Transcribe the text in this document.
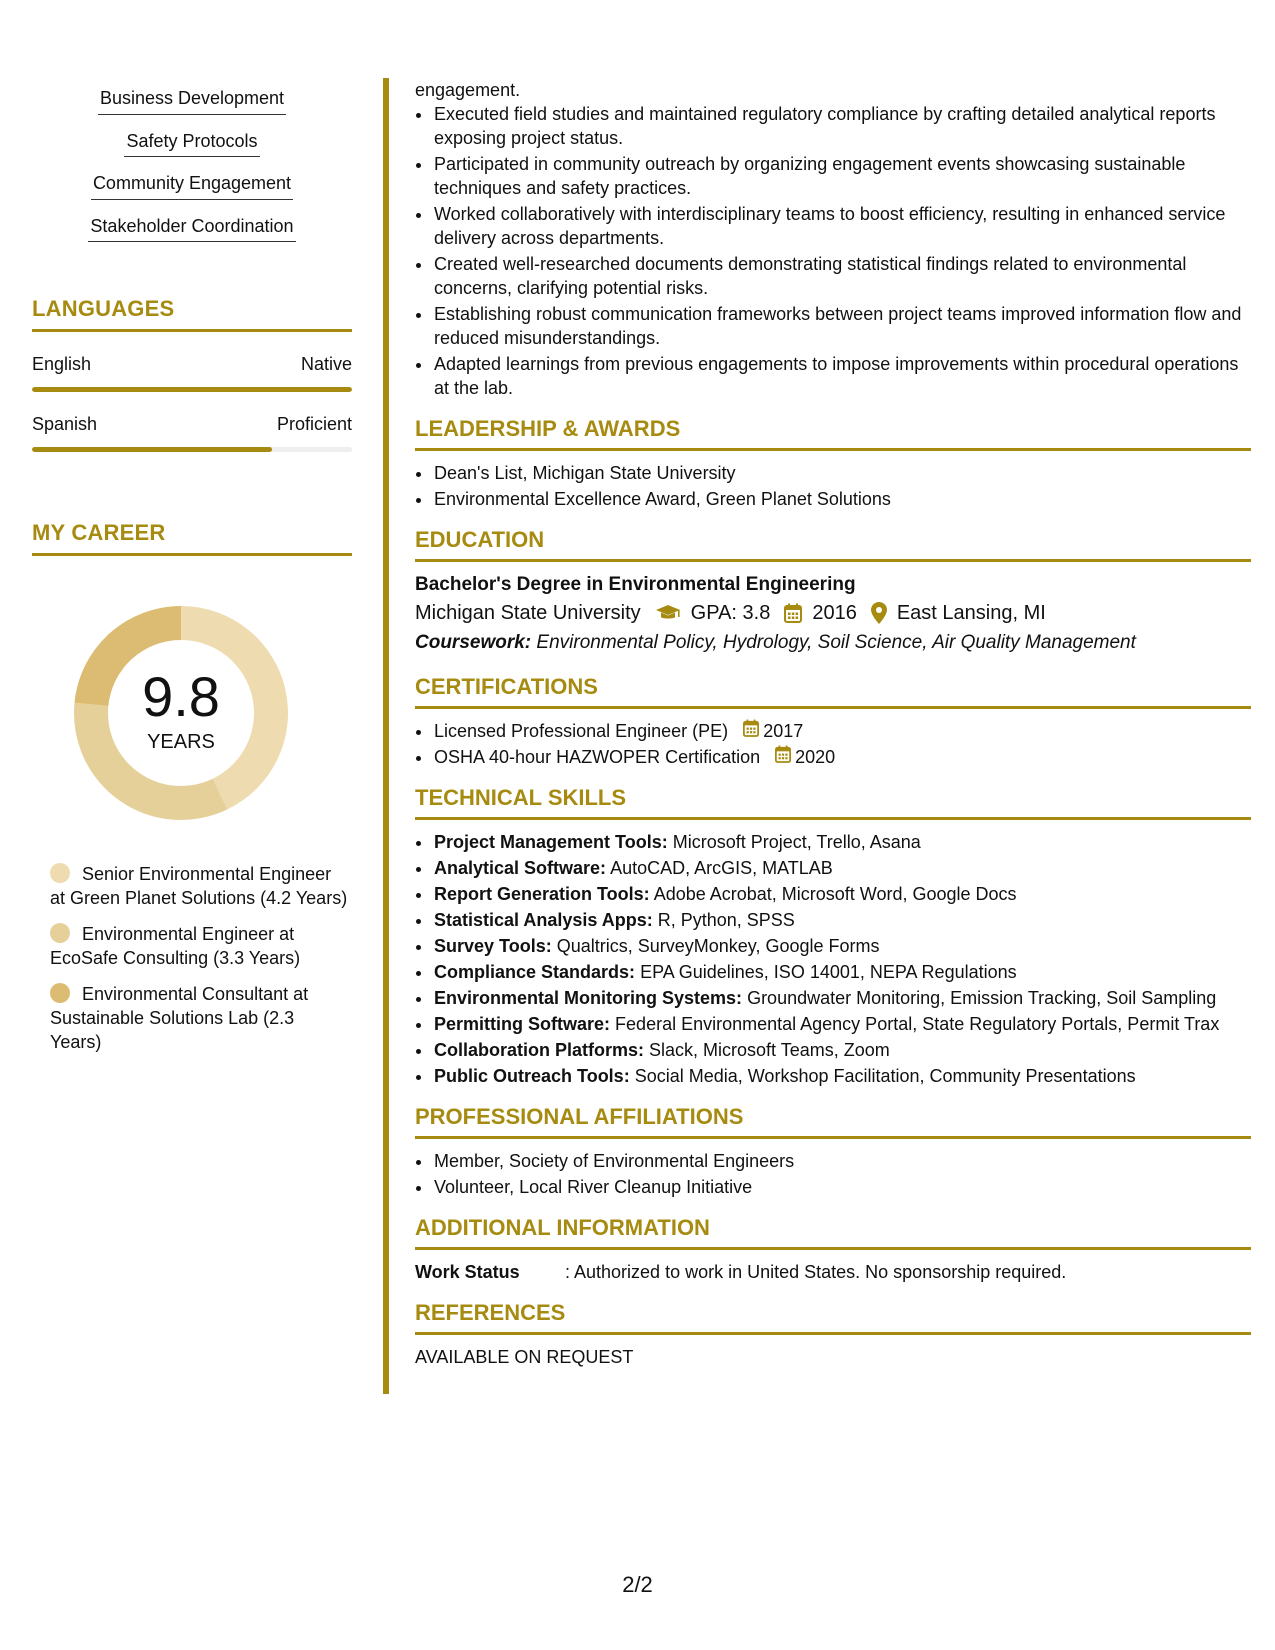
Business Development
Safety Protocols
Community Engagement
Stakeholder Coordination
LANGUAGES
English	Native
Spanish	Proficient
MY CAREER
9.8
YEARS
Senior Environmental Engineer at Green Planet Solutions (4.2 Years)
Environmental Engineer at EcoSafe Consulting (3.3 Years)
Environmental Consultant at Sustainable Solutions Lab (2.3 Years)
engagement.
• Executed field studies and maintained regulatory compliance by crafting detailed analytical reports exposing project status.
• Participated in community outreach by organizing engagement events showcasing sustainable techniques and safety practices.
• Worked collaboratively with interdisciplinary teams to boost efficiency, resulting in enhanced service delivery across departments.
• Created well-researched documents demonstrating statistical findings related to environmental concerns, clarifying potential risks.
• Establishing robust communication frameworks between project teams improved information flow and reduced misunderstandings.
• Adapted learnings from previous engagements to impose improvements within procedural operations at the lab.
LEADERSHIP & AWARDS
• Dean's List, Michigan State University
• Environmental Excellence Award, Green Planet Solutions
EDUCATION
Bachelor's Degree in Environmental Engineering
Michigan State University	GPA: 3.8 2016 East Lansing, MI
Coursework: Environmental Policy, Hydrology, Soil Science, Air Quality Management
CERTIFICATIONS
• Licensed Professional Engineer (PE) 2017
• OSHA 40-hour HAZWOPER Certification 2020
TECHNICAL SKILLS
• Project Management Tools: Microsoft Project, Trello, Asana
• Analytical Software: AutoCAD, ArcGIS, MATLAB
• Report Generation Tools: Adobe Acrobat, Microsoft Word, Google Docs
• Statistical Analysis Apps: R, Python, SPSS
• Survey Tools: Qualtrics, SurveyMonkey, Google Forms
• Compliance Standards: EPA Guidelines, ISO 14001, NEPA Regulations
• Environmental Monitoring Systems: Groundwater Monitoring, Emission Tracking, Soil Sampling
• Permitting Software: Federal Environmental Agency Portal, State Regulatory Portals, Permit Trax
• Collaboration Platforms: Slack, Microsoft Teams, Zoom
• Public Outreach Tools: Social Media, Workshop Facilitation, Community Presentations
PROFESSIONAL AFFILIATIONS
• Member, Society of Environmental Engineers
• Volunteer, Local River Cleanup Initiative
ADDITIONAL INFORMATION
Work Status	: Authorized to work in United States. No sponsorship required.
REFERENCES
AVAILABLE ON REQUEST
2/2
